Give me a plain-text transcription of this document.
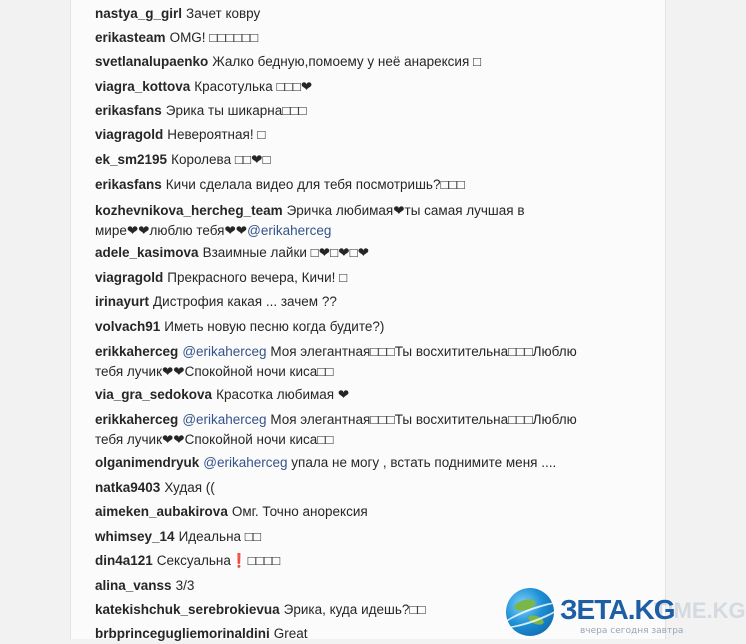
nastya_g_girl Зачет ковру
erikasteam OMG! □□□□□□
svetlanalupaenko Жалко бедную,помоему у неё анарексия □
viagra_kottova Красотулька □□□❤
erikasfans Эрика ты шикарна□□□
viagragold Невероятная! □
ek_sm2195 Королева □□❤□
erikasfans Кичи сделала видео для тебя посмотришь?□□□
kozhevnikova_hercheg_team Эричка любимая❤ты самая лучшая в
мире❤❤люблю тебя❤❤@erikaherceg
adele_kasimova Взаимные лайки □❤□❤□❤
viagragold Прекрасного вечера, Кичи! □
irinayurt Дистрофия какая ... зачем ??
volvach91 Иметь новую песню когда будите?)
erikkaherceg @erikaherceg Моя элегантная□□□Ты восхитительна□□□Люблю
тебя лучик❤❤Спокойной ночи киса□□
via_gra_sedokova Красотка любимая ❤
erikkaherceg @erikaherceg Моя элегантная□□□Ты восхитительна□□□Люблю
тебя лучик❤❤Спокойной ночи киса□□
olganimendryuk @erikaherceg упала не могу , встать поднимите меня ....
natka9403 Худая ((
aimeken_aubakirova Омг. Точно анорексия
whimsey_14 Идеальна □□
din4a121 Сексуальна❗□□□□
alina_vanss 3/3
katekishchuk_serebrokievua Эрика, куда идешь?□□
brbprincegugliemorinaldini Great
TIME.KG
ЗЕТА.KG
вчера сегодня завтра
